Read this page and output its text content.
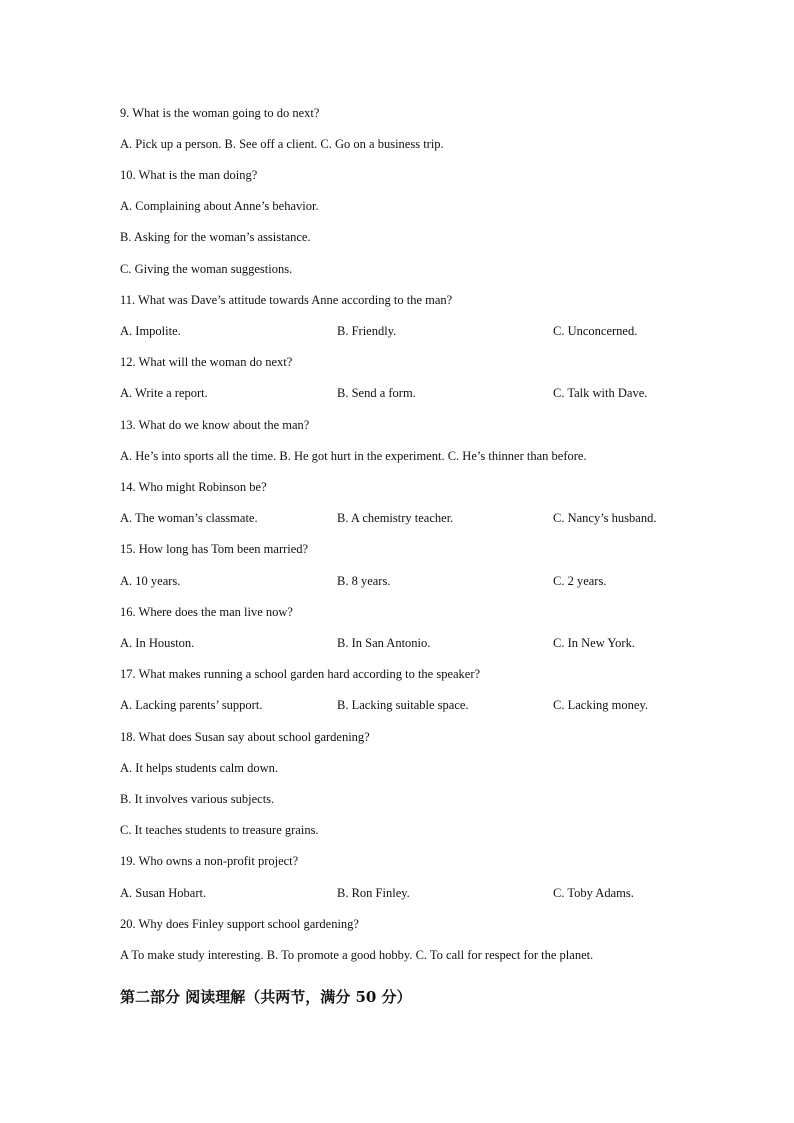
9. What is the woman going to do next?
A. Pick up a person. B. See off a client. C. Go on a business trip.
10. What is the man doing?
A. Complaining about Anne’s behavior.
B. Asking for the woman’s assistance.
C. Giving the woman suggestions.
11. What was Dave’s attitude towards Anne according to the man?
A. Impolite.	B. Friendly.	C. Unconcerned.
12. What will the woman do next?
A. Write a report.	B. Send a form.	C. Talk with Dave.
13. What do we know about the man?
A. He’s into sports all the time. B. He got hurt in the experiment. C. He’s thinner than before.
14. Who might Robinson be?
A. The woman’s classmate.	B. A chemistry teacher.	C. Nancy’s husband.
15. How long has Tom been married?
A. 10 years.	B. 8 years.	C. 2 years.
16. Where does the man live now?
A. In Houston.	B. In San Antonio.	C. In New York.
17. What makes running a school garden hard according to the speaker?
A. Lacking parents’ support.	B. Lacking suitable space.	C. Lacking money.
18. What does Susan say about school gardening?
A. It helps students calm down.
B. It involves various subjects.
C. It teaches students to treasure grains.
19. Who owns a non-profit project?
A. Susan Hobart.	B. Ron Finley.	C. Toby Adams.
20. Why does Finley support school gardening?
A To make study interesting. B. To promote a good hobby. C. To call for respect for the planet.
第二部分 阅读理解（共两节，满分 50 分）
